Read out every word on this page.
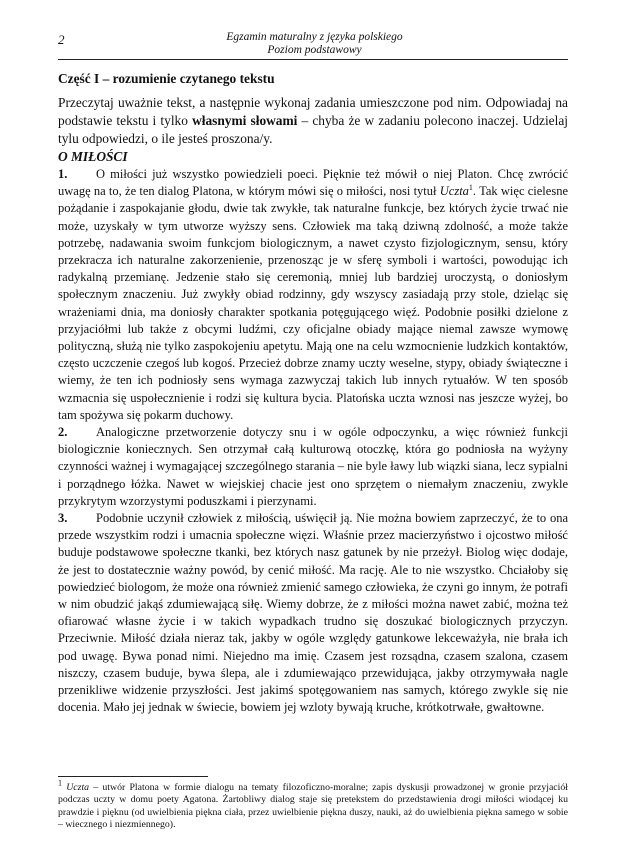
2	Egzamin maturalny z języka polskiego
Poziom podstawowy
Część I – rozumienie czytanego tekstu
Przeczytaj uważnie tekst, a następnie wykonaj zadania umieszczone pod nim. Odpowiadaj na podstawie tekstu i tylko własnymi słowami – chyba że w zadaniu polecono inaczej. Udzielaj tylu odpowiedzi, o ile jesteś proszona/y.
O MIŁOŚCI

1. O miłości już wszystko powiedzieli poeci. Pięknie też mówił o niej Platon. Chcę zwrócić uwagę na to, że ten dialog Platona, w którym mówi się o miłości, nosi tytuł Uczta$^1$. Tak więc cielesne pożądanie i zaspokajanie głodu, dwie tak zwykłe, tak naturalne funkcje, bez których życie trwać nie może, uzyskały w tym utworze wyższy sens. Człowiek ma taką dziwną zdolność, a może także potrzebę, nadawania swoim funkcjom biologicznym, a nawet czysto fizjologicznym, sensu, który przekracza ich naturalne zakorzenienie, przenosząc je w sferę symboli i wartości, powodując ich radykalną przemianę. Jedzenie stało się ceremonią, mniej lub bardziej uroczystą, o doniosłym społecznym znaczeniu. Już zwykły obiad rodzinny, gdy wszyscy zasiadają przy stole, dzieląc się wrażeniami dnia, ma doniosły charakter spotkania potęgującego więź. Podobnie posiłki dzielone z przyjaciółmi lub także z obcymi ludźmi, czy oficjalne obiady mające niemal zawsze wymowę polityczną, służą nie tylko zaspokojeniu apetytu. Mają one na celu wzmocnienie ludzkich kontaktów, często uczczenie czegoś lub kogoś. Przecież dobrze znamy uczty weselne, stypy, obiady świąteczne i wiemy, że ten ich podniosły sens wymaga zazwyczaj takich lub innych rytuałów. W ten sposób wzmacnia się uspołecznienie i rodzi się kultura bycia. Platońska uczta wznosi nas jeszcze wyżej, bo tam spożywa się pokarm duchowy.

2. Analogiczne przetworzenie dotyczy snu i w ogóle odpoczynku, a więc również funkcji biologicznie koniecznych. Sen otrzymał całą kulturową otoczkę, która go podniosła na wyżyny czynności ważnej i wymagającej szczególnego starania – nie byle ławy lub wiązki siana, lecz sypialni i porządnego łóżka. Nawet w wiejskiej chacie jest ono sprzętem o niemałym znaczeniu, zwykle przykrytym wzorzystymi poduszkami i pierzynami.

3. Podobnie uczynił człowiek z miłością, uświęcił ją. Nie można bowiem zaprzeczyć, że to ona przede wszystkim rodzi i umacnia społeczne więzi. Właśnie przez macierzyństwo i ojcostwo miłość buduje podstawowe społeczne tkanki, bez których nasz gatunek by nie przeżył. Biolog więc dodaje, że jest to dostatecznie ważny powód, by cenić miłość. Ma rację. Ale to nie wszystko. Chciałoby się powiedzieć biologom, że może ona również zmienić samego człowieka, że czyni go innym, że potrafi w nim obudzić jakąś zdumiewającą siłę. Wiemy dobrze, że z miłości można nawet zabić, można też ofiarować własne życie i w takich wypadkach trudno się doszukać biologicznych przyczyn. Przeciwnie. Miłość działa nieraz tak, jakby w ogóle względy gatunkowe lekceważyła, nie brała ich pod uwagę. Bywa ponad nimi. Niejedno ma imię. Czasem jest rozsądna, czasem szalona, czasem niszczy, czasem buduje, bywa ślepa, ale i zdumiewająco przewidująca, jakby otrzymywała nagle przenikliwe widzenie przyszłości. Jest jakimś spotęgowaniem nas samych, którego zwykle się nie docenia. Mało jej jednak w świecie, bowiem jej wzloty bywają kruche, krótkotrwałe, gwałtowne.

$^1$ Uczta – utwór Platona w formie dialogu na tematy filozoficzno-moralne; zapis dyskusji prowadzonej w gronie przyjaciół podczas uczty w domu poety Agatona. Żartobliwy dialog staje się pretekstem do przedstawienia drogi miłości wiodącej ku prawdzie i pięknu (od uwielbienia piękna ciała, przez uwielbienie piękna duszy, nauki, aż do uwielbienia piękna samego w sobie – wiecznego i niezmiennego).
